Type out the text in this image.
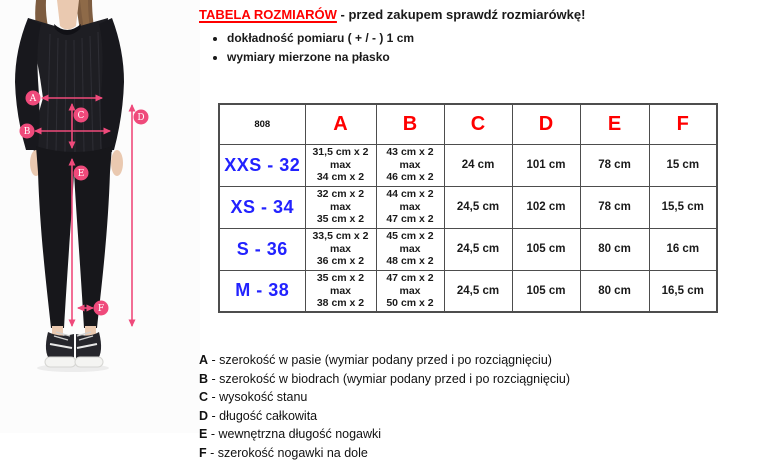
A
B
C	D
E
F
TABELA ROZMIARÓW - przed zakupem sprawdź rozmiarówkę!
• dokładność pomiaru ( + / - ) 1 cm
• wymiary mierzone na płasko
808	A	B	C	D	E	F
XXS - 32	31,5 cm x 2
max
34 cm x 2	43 cm x 2
max
46 cm x 2	24 cm	101 cm	78 cm	15 cm
XS - 34	32 cm x 2
max
35 cm x 2	44 cm x 2
max
47 cm x 2	24,5 cm	102 cm	78 cm	15,5 cm
S - 36	33,5 cm x 2
max
36 cm x 2	45 cm x 2
max
48 cm x 2	24,5 cm	105 cm	80 cm	16 cm
M - 38	35 cm x 2
max
38 cm x 2	47 cm x 2
max
50 cm x 2	24,5 cm	105 cm	80 cm	16,5 cm
A - szerokość w pasie (wymiar podany przed i po rozciągnięciu)
B - szerokość w biodrach (wymiar podany przed i po rozciągnięciu)
C - wysokość stanu
D - długość całkowita
E - wewnętrzna długość nogawki
F - szerokość nogawki na dole
